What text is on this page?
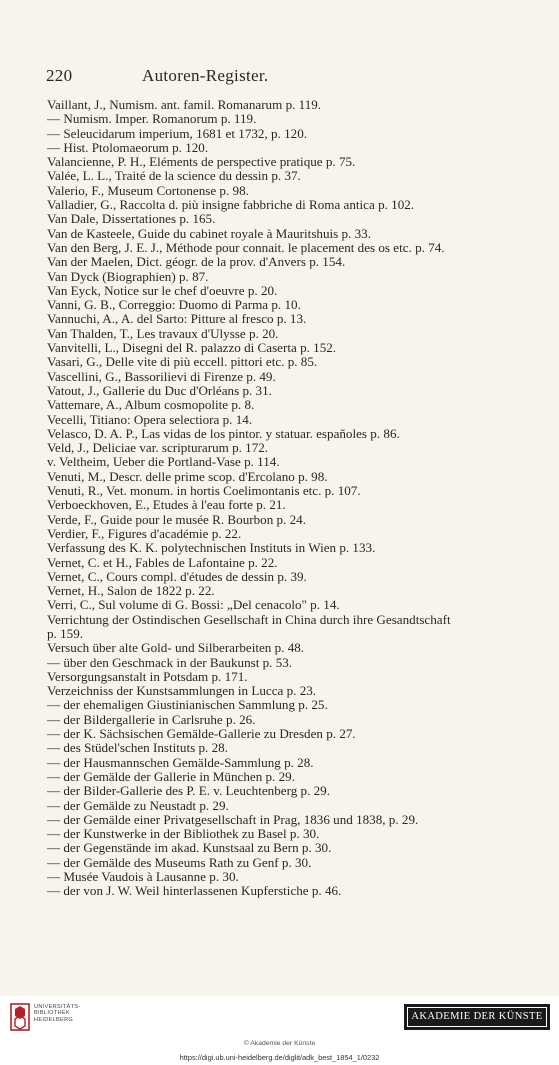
220	Autoren-Register.
Vaillant, J., Numism. ant. famil. Romanarum p. 119.
— Numism. Imper. Romanorum p. 119.
— Seleucidarum imperium, 1681 et 1732, p. 120.
— Hist. Ptolomaeorum p. 120.
Valancienne, P. H., Eléments de perspective pratique p. 75.
Valée, L. L., Traité de la science du dessin p. 37.
Valerio, F., Museum Cortonense p. 98.
Valladier, G., Raccolta d. più insigne fabbriche di Roma antica p. 102.
Van Dale, Dissertationes p. 165.
Van de Kasteele, Guide du cabinet royale à Mauritshuis p. 33.
Van den Berg, J. E. J., Méthode pour connait. le placement des os etc. p. 74.
Van der Maelen, Dict. géogr. de la prov. d'Anvers p. 154.
Van Dyck (Biographien) p. 87.
Van Eyck, Notice sur le chef d'oeuvre p. 20.
Vanni, G. B., Correggio: Duomo di Parma p. 10.
Vannuchi, A., A. del Sarto: Pitture al fresco p. 13.
Van Thalden, T., Les travaux d'Ulysse p. 20.
Vanvitelli, L., Disegni del R. palazzo di Caserta p. 152.
Vasari, G., Delle vite di più eccell. pittori etc. p. 85.
Vascellini, G., Bassorilievi di Firenze p. 49.
Vatout, J., Gallerie du Duc d'Orléans p. 31.
Vattemare, A., Album cosmopolite p. 8.
Vecelli, Titiano: Opera selectiora p. 14.
Velasco, D. A. P., Las vidas de los pintor. y statuar. españoles p. 86.
Veld, J., Deliciae var. scripturarum p. 172.
v. Veltheim, Ueber die Portland-Vase p. 114.
Venuti, M., Descr. delle prime scop. d'Ercolano p. 98.
Venuti, R., Vet. monum. in hortis Coelimontanis etc. p. 107.
Verboeckhoven, E., Etudes à l'eau forte p. 21.
Verde, F., Guide pour le musée R. Bourbon p. 24.
Verdier, F., Figures d'académie p. 22.
Verfassung des K. K. polytechnischen Instituts in Wien p. 133.
Vernet, C. et H., Fables de Lafontaine p. 22.
Vernet, C., Cours compl. d'études de dessin p. 39.
Vernet, H., Salon de 1822 p. 22.
Verri, C., Sul volume di G. Bossi: „Del cenacolo" p. 14.
Verrichtung der Ostindischen Gesellschaft in China durch ihre Gesandtschaft
p. 159.
Versuch über alte Gold- und Silberarbeiten p. 48.
— über den Geschmack in der Baukunst p. 53.
Versorgungsanstalt in Potsdam p. 171.
Verzeichniss der Kunstsammlungen in Lucca p. 23.
— der ehemaligen Giustinianischen Sammlung p. 25.
— der Bildergallerie in Carlsruhe p. 26.
— der K. Sächsischen Gemälde-Gallerie zu Dresden p. 27.
— des Stüdel'schen Instituts p. 28.
— der Hausmannschen Gemälde-Sammlung p. 28.
— der Gemälde der Gallerie in München p. 29.
— der Bilder-Gallerie des P. E. v. Leuchtenberg p. 29.
— der Gemälde zu Neustadt p. 29.
— der Gemälde einer Privatgesellschaft in Prag, 1836 und 1838, p. 29.
— der Kunstwerke in der Bibliothek zu Basel p. 30.
— der Gegenstände im akad. Kunstsaal zu Bern p. 30.
— der Gemälde des Museums Rath zu Genf p. 30.
— Musée Vaudois à Lausanne p. 30.
— der von J. W. Weil hinterlassenen Kupferstiche p. 46.
UNIVERSITÄTS-
BIBLIOTHEK
HEIDELBERG	AKADEMIE DER KÜNSTE
© Akademie der Künste
https://digi.ub.uni-heidelberg.de/diglit/adk_best_1854_1/0232
